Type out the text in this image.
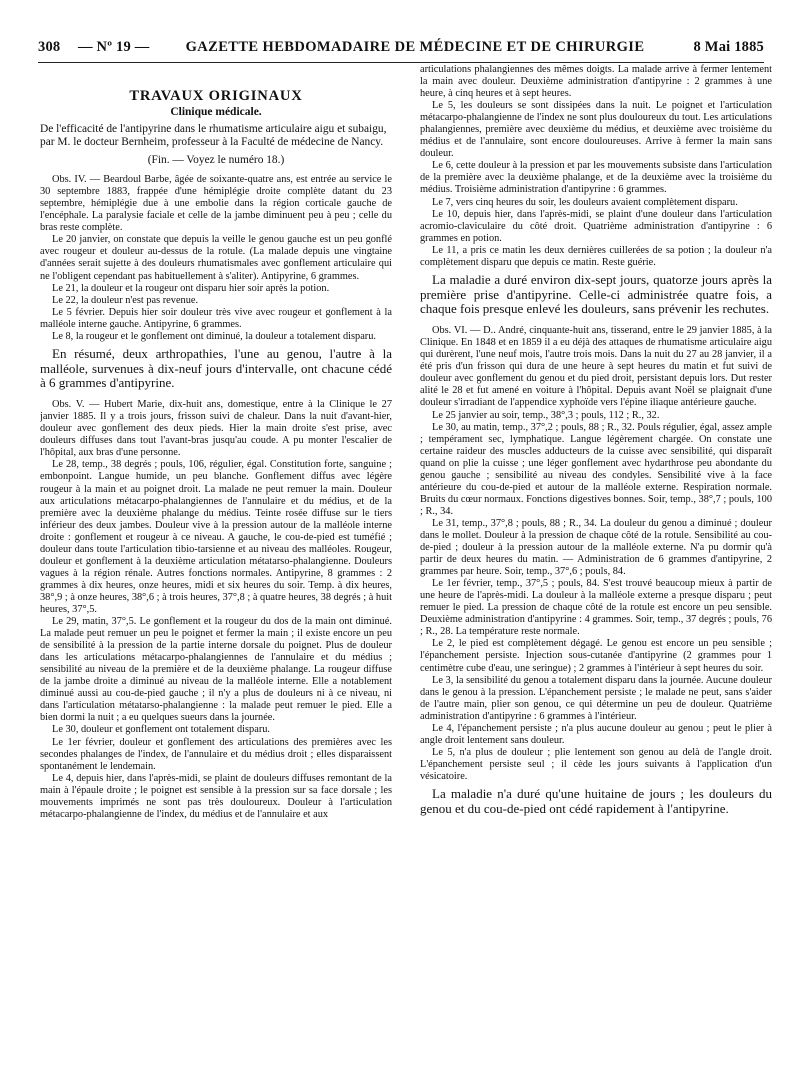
308	— Nº 19 —	GAZETTE HEBDOMADAIRE DE MÉDECINE ET DE CHIRURGIE	8 Mai 1885
TRAVAUX ORIGINAUX
Clinique médicale.

De l'efficacité de l'antipyrine dans le rhumatisme articulaire aigu et subaigu, par M. le docteur Bernheim, professeur à la Faculté de médecine de Nancy.

(Fin. — Voyez le numéro 18.)

Obs. IV. — Beardoul Barbe, âgée de soixante-quatre ans, est entrée au service le 30 septembre 1883, frappée d'une hémiplégie droite complète datant du 23 septembre, hémiplégie due à une embolie dans la région corticale gauche de l'encéphale. La paralysie faciale et celle de la jambe diminuent peu à peu ; celle du bras reste complète.

Le 20 janvier, on constate que depuis la veille le genou gauche est un peu gonflé avec rougeur et douleur au-dessus de la rotule. (La malade depuis une vingtaine d'années serait sujette à des douleurs rhumatismales avec gonflement articulaire qui ne l'obligent cependant pas habituellement à s'aliter). Antipyrine, 6 grammes.

Le 21, la douleur et la rougeur ont disparu hier soir après la potion.

Le 22, la douleur n'est pas revenue.

Le 5 février. Depuis hier soir douleur très vive avec rougeur et gonflement à la malléole interne gauche. Antipyrine, 6 grammes.

Le 8, la rougeur et le gonflement ont diminué, la douleur a totalement disparu.

En résumé, deux arthropathies, l'une au genou, l'autre à la malléole, survenues à dix-neuf jours d'intervalle, ont chacune cédé à 6 grammes d'antipyrine.

Obs. V. — Hubert Marie, dix-huit ans, domestique, entre à la Clinique le 27 janvier 1885. Il y a trois jours, frisson suivi de chaleur. Dans la nuit d'avant-hier, douleur avec gonflement des deux pieds. Hier la main droite s'est prise, avec douleurs diffuses dans tout l'avant-bras jusqu'au coude. A pu monter l'escalier de l'hôpital, aux bras d'une personne.

Le 28, temp., 38 degrés ; pouls, 106, régulier, égal. Constitution forte, sanguine ; embonpoint. Langue humide, un peu blanche. Gonflement diffus avec légère rougeur à la main et au poignet droit. La malade ne peut remuer la main. Douleur aux articulations métacarpo-phalangiennes de l'annulaire et du médius, et de la première avec la deuxième phalange du médius. Teinte rosée diffuse sur le tiers inférieur des deux jambes. Douleur vive à la pression autour de la malléole interne droite : gonflement et rougeur à ce niveau. A gauche, le cou-de-pied est tuméfié ; douleur dans toute l'articulation tibio-tarsienne et au niveau des malléoles. Rougeur, douleur et gonflement à la deuxième articulation métatarso-phalangienne. Douleurs vagues à la région rénale. Autres fonctions normales. Antipyrine, 8 grammes : 2 grammes à dix heures, onze heures, midi et six heures du soir. Temp. à dix heures, 38°,9 ; à onze heures, 38°,6 ; à trois heures, 37°,8 ; à quatre heures, 38 degrés ; à huit heures, 37°,5.

Le 29, matin, 37°,5. Le gonflement et la rougeur du dos de la main ont diminué. La malade peut remuer un peu le poignet et fermer la main ; il existe encore un peu de sensibilité à la pression de la partie interne dorsale du poignet. Plus de douleur dans les articulations métacarpo-phalangiennes de l'annulaire et du médius ; sensibilité au niveau de la première et de la deuxième phalange. La rougeur diffuse de la jambe droite a diminué au niveau de la malléole interne. Elle a notablement diminué aussi au cou-de-pied gauche ; il n'y a plus de douleurs ni à ce niveau, ni dans l'articulation métatarso-phalangienne : la malade peut remuer le pied. Elle a bien dormi la nuit ; a eu quelques sueurs dans la journée.

Le 30, douleur et gonflement ont totalement disparu.

Le 1er février, douleur et gonflement des articulations des premières avec les secondes phalanges de l'index, de l'annulaire et du médius droit ; elles disparaissent spontanément le lendemain.

Le 4, depuis hier, dans l'après-midi, se plaint de douleurs diffuses remontant de la main à l'épaule droite ; le poignet est sensible à la pression sur sa face dorsale ; les mouvements imprimés ne sont pas très douloureux. Douleur à l'articulation métacarpo-phalangienne de l'index, du médius et de l'annulaire et aux

articulations phalangiennes des mêmes doigts. La malade arrive à fermer lentement la main avec douleur. Deuxième administration d'antipyrine : 2 grammes à une heure, à cinq heures et à sept heures.

Le 5, les douleurs se sont dissipées dans la nuit. Le poignet et l'articulation métacarpo-phalangienne de l'index ne sont plus douloureux du tout. Les articulations phalangiennes, première avec deuxième du médius, et deuxième avec troisième du médius et de l'annulaire, sont encore douloureuses. Arrive à fermer la main sans douleur.

Le 6, cette douleur à la pression et par les mouvements subsiste dans l'articulation de la première avec la deuxième phalange, et de la deuxième avec la troisième du médius. Troisième administration d'antipyrine : 6 grammes.

Le 7, vers cinq heures du soir, les douleurs avaient complètement disparu.

Le 10, depuis hier, dans l'après-midi, se plaint d'une douleur dans l'articulation acromio-claviculaire du côté droit. Quatrième administration d'antipyrine : 6 grammes en potion.

Le 11, a pris ce matin les deux dernières cuillerées de sa potion ; la douleur n'a complètement disparu que depuis ce matin. Reste guérie.

La maladie a duré environ dix-sept jours, quatorze jours après la première prise d'antipyrine. Celle-ci administrée quatre fois, a chaque fois presque enlevé les douleurs, sans prévenir les rechutes.

Obs. VI. — D.. André, cinquante-huit ans, tisserand, entre le 29 janvier 1885, à la Clinique. En 1848 et en 1859 il a eu déjà des attaques de rhumatisme articulaire aigu qui durèrent, l'une neuf mois, l'autre trois mois. Dans la nuit du 27 au 28 janvier, il a été pris d'un frisson qui dura de une heure à sept heures du matin et fut suivi de douleur avec gonflement du genou et du pied droit, persistant depuis lors. Dut rester alité le 28 et fut amené en voiture à l'hôpital. Depuis avant Noël se plaignait d'une douleur s'irradiant de l'appendice xyphoïde vers l'épine iliaque antérieure gauche.

Le 25 janvier au soir, temp., 38°,3 ; pouls, 112 ; R., 32.

Le 30, au matin, temp., 37°,2 ; pouls, 88 ; R., 32. Pouls régulier, égal, assez ample ; tempérament sec, lymphatique. Langue légèrement chargée. On constate une certaine raideur des muscles adducteurs de la cuisse avec sensibilité, qui disparaît quand on plie la cuisse ; une léger gonflement avec hydarthrose peu abondante du genou gauche ; sensibilité au niveau des condyles. Sensibilité vive à la face antérieure du cou-de-pied et autour de la malléole externe. Respiration normale. Bruits du cœur normaux. Fonctions digestives bonnes. Soir, temp., 38°,7 ; pouls, 100 ; R., 34.

Le 31, temp., 37°,8 ; pouls, 88 ; R., 34. La douleur du genou a diminué ; douleur dans le mollet. Douleur à la pression de chaque côté de la rotule. Sensibilité au cou-de-pied ; douleur à la pression autour de la malléole externe. N'a pu dormir qu'à partir de deux heures du matin. — Administration de 6 grammes d'antipyrine, 2 grammes par heure. Soir, temp., 37°,6 ; pouls, 84.

Le 1er février, temp., 37°,5 ; pouls, 84. S'est trouvé beaucoup mieux à partir de une heure de l'après-midi. La douleur à la malléole externe a presque disparu ; peut remuer le pied. La pression de chaque côté de la rotule est encore un peu sensible. Deuxième administration d'antipyrine : 4 grammes. Soir, temp., 37 degrés ; pouls, 76 ; R., 28. La température reste normale.

Le 2, le pied est complètement dégagé. Le genou est encore un peu sensible ; l'épanchement persiste. Injection sous-cutanée d'antipyrine (2 grammes pour 1 centimètre cube d'eau, une seringue) ; 2 grammes à l'intérieur à sept heures du soir.

Le 3, la sensibilité du genou a totalement disparu dans la journée. Aucune douleur dans le genou à la pression. L'épanchement persiste ; le malade ne peut, sans s'aider de l'autre main, plier son genou, ce qui détermine un peu de douleur. Quatrième administration d'antipyrine : 6 grammes à l'intérieur.

Le 4, l'épanchement persiste ; n'a plus aucune douleur au genou ; peut le plier à angle droit lentement sans douleur.

Le 5, n'a plus de douleur ; plie lentement son genou au delà de l'angle droit. L'épanchement persiste seul ; il cède les jours suivants à l'application d'un vésicatoire.

La maladie n'a duré qu'une huitaine de jours ; les douleurs du genou et du cou-de-pied ont cédé rapidement à l'antipyrine.
